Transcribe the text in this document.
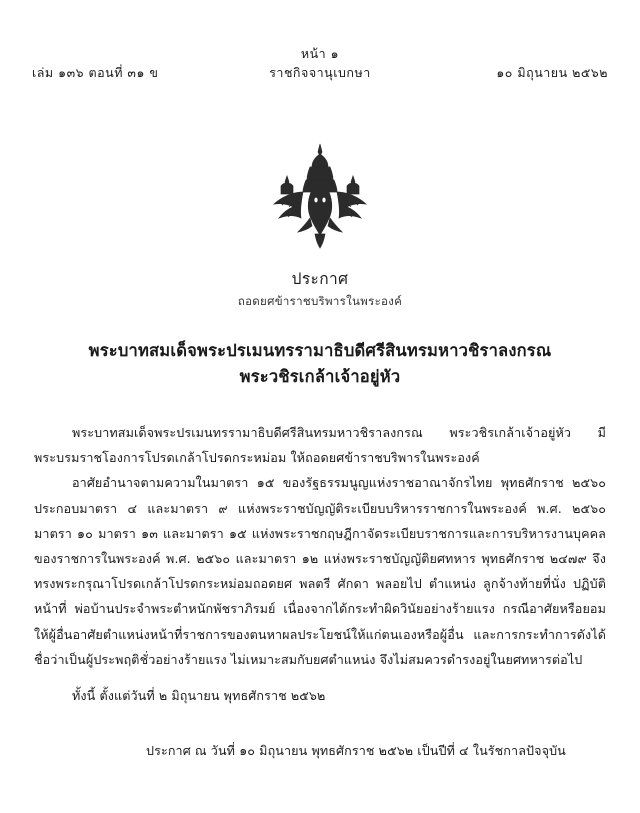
หน้า ๑
ราชกิจจานุเบกษา
เล่ม ๑๓๖ ตอนที่ ๓๑ ข	๑๐ มิถุนายน ๒๕๖๒
ประกาศ
ถอดยศข้าราชบริพารในพระองค์
พระบาทสมเด็จพระปรเมนทรรามาธิบดีศรีสินทรมหาวชิราลงกรณ
พระวชิรเกล้าเจ้าอยู่หัว

พระบาทสมเด็จพระปรเมนทรรามาธิบดีศรีสินทรมหาวชิราลงกรณ พระวชิรเกล้าเจ้าอยู่หัว มีพระบรมราชโองการโปรดเกล้าโปรดกระหม่อม ให้ถอดยศข้าราชบริพารในพระองค์

อาศัยอำนาจตามความในมาตรา ๑๕ ของรัฐธรรมนูญแห่งราชอาณาจักรไทย พุทธศักราช ๒๕๖๐ ประกอบมาตรา ๔ และมาตรา ๙ แห่งพระราชบัญญัติระเบียบบริหารราชการในพระองค์ พ.ศ. ๒๕๖๐ มาตรา ๑๐ มาตรา ๑๓ และมาตรา ๑๕ แห่งพระราชกฤษฎีกาจัดระเบียบราชการและการบริหารงานบุคคลของราชการในพระองค์ พ.ศ. ๒๕๖๐ และมาตรา ๑๒ แห่งพระราชบัญญัติยศทหาร พุทธศักราช ๒๔๗๙ จึงทรงพระกรุณาโปรดเกล้าโปรดกระหม่อมถอดยศ พลตรี ศักดา พลอยไป ตำแหน่ง ลูกจ้างท้ายที่นั่ง ปฏิบัติหน้าที่ พ่อบ้านประจำพระตำหนักพัชราภิรมย์ เนื่องจากได้กระทำผิดวินัยอย่างร้ายแรง กรณีอาศัยหรือยอมให้ผู้อื่นอาศัยตำแหน่งหน้าที่ราชการของตนหาผลประโยชน์ให้แก่ตนเองหรือผู้อื่น และการกระทำการดังได้ชื่อว่าเป็นผู้ประพฤติชั่วอย่างร้ายแรง ไม่เหมาะสมกับยศตำแหน่ง จึงไม่สมควรดำรงอยู่ในยศทหารต่อไป

ทั้งนี้ ตั้งแต่วันที่ ๒ มิถุนายน พุทธศักราช ๒๕๖๒

ประกาศ ณ วันที่ ๑๐ มิถุนายน พุทธศักราช ๒๕๖๒ เป็นปีที่ ๔ ในรัชกาลปัจจุบัน
